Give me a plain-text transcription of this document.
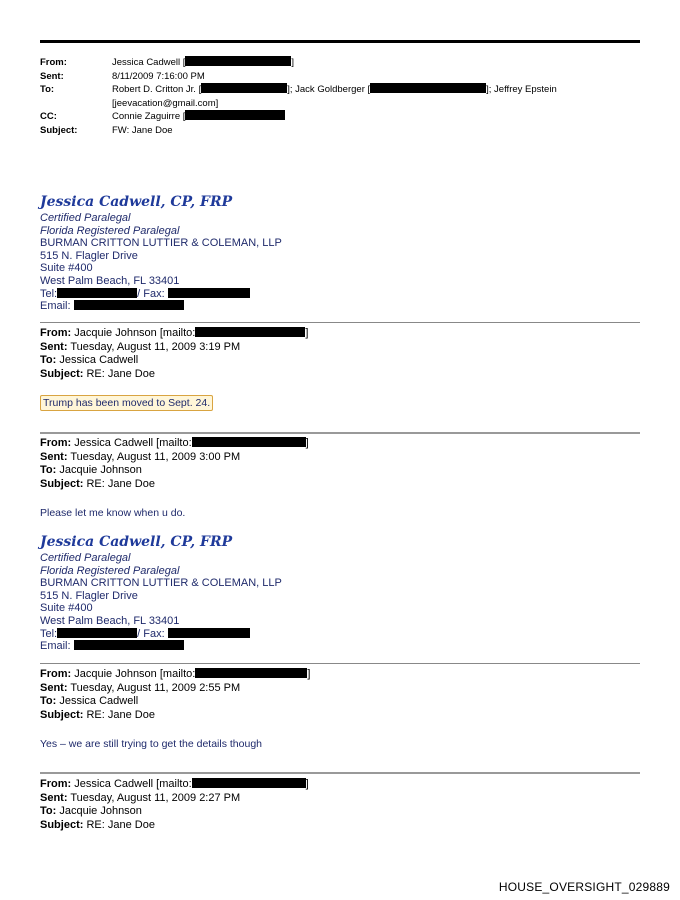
From:	Jessica Cadwell [	]
Sent:	8/11/2009 7:16:00 PM
To:	Robert D. Critton Jr. [	]; Jack Goldberger [	]; Jeffrey Epstein
[jeevacation@gmail.com]
CC:	Connie Zaguirre [
Subject:	FW: Jane Doe
Jessica Cadwell, CP, FRP
Certified Paralegal
Florida Registered Paralegal
BURMAN CRITTON LUTTIER & COLEMAN, LLP
515 N. Flagler Drive
Suite #400
West Palm Beach, FL 33401
Tel:	/ Fax:
Email:
From: Jacquie Johnson [mailto:	]
Sent: Tuesday, August 11, 2009 3:19 PM
To: Jessica Cadwell
Subject: RE: Jane Doe
Trump has been moved to Sept. 24.
From: Jessica Cadwell [mailto:	]
Sent: Tuesday, August 11, 2009 3:00 PM
To: Jacquie Johnson
Subject: RE: Jane Doe
Please let me know when u do.
Jessica Cadwell, CP, FRP
Certified Paralegal
Florida Registered Paralegal
BURMAN CRITTON LUTTIER & COLEMAN, LLP
515 N. Flagler Drive
Suite #400
West Palm Beach, FL 33401
Tel:	/ Fax:
Email:
From: Jacquie Johnson [mailto:	]
Sent: Tuesday, August 11, 2009 2:55 PM
To: Jessica Cadwell
Subject: RE: Jane Doe
Yes – we are still trying to get the details though
From: Jessica Cadwell [mailto:	]
Sent: Tuesday, August 11, 2009 2:27 PM
To: Jacquie Johnson
Subject: RE: Jane Doe
HOUSE_OVERSIGHT_029889
